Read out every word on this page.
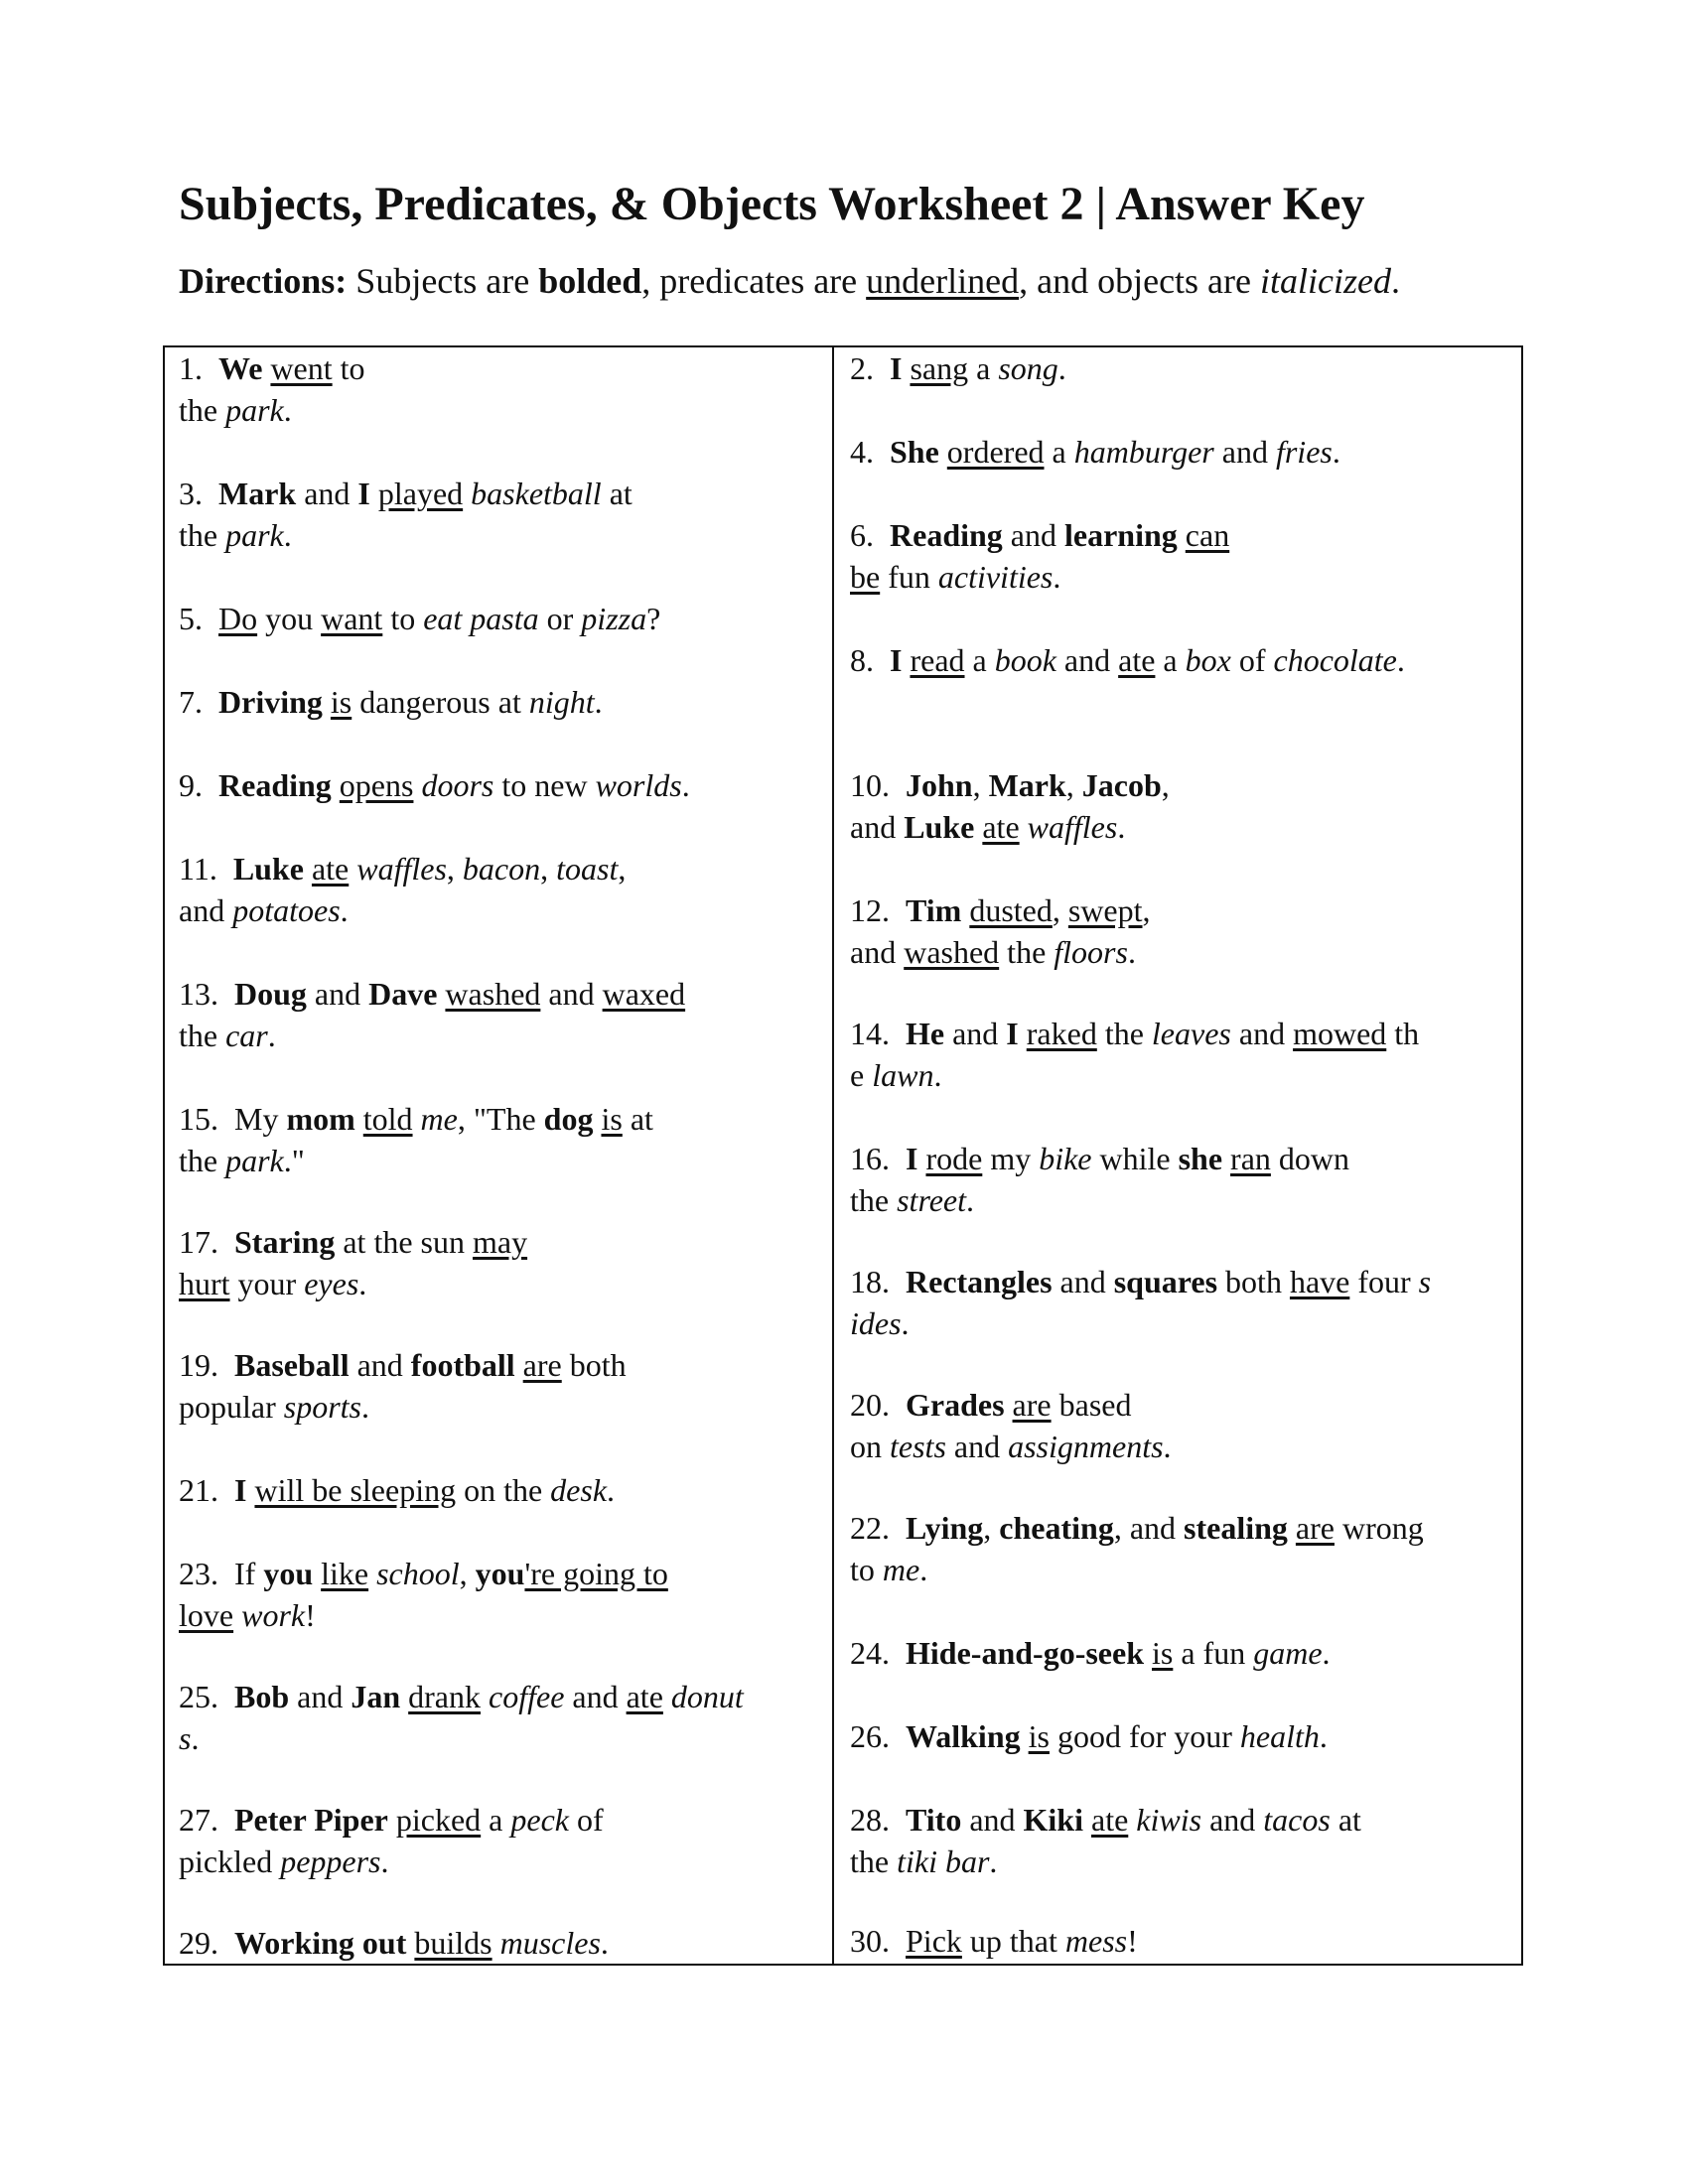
Subjects, Predicates, & Objects Worksheet 2 | Answer Key

Directions: Subjects are bolded, predicates are underlined, and objects are italicized.

1. We went to
the park.

3. Mark and I played basketball at
the park.

5. Do you want to eat pasta or pizza?

7. Driving is dangerous at night.

9. Reading opens doors to new worlds.

11. Luke ate waffles, bacon, toast,
and potatoes.

13. Doug and Dave washed and waxed
the car.

15. My mom told me, "The dog is at
the park."

17. Staring at the sun may
hurt your eyes.

19. Baseball and football are both
popular sports.

21. I will be sleeping on the desk.

23. If you like school, you're going to
love work!

25. Bob and Jan drank coffee and ate donut
s.

27. Peter Piper picked a peck of
pickled peppers.

29. Working out builds muscles.

2. I sang a song.

4. She ordered a hamburger and fries.

6. Reading and learning can
be fun activities.

8. I read a book and ate a box of chocolate.

10. John, Mark, Jacob,
and Luke ate waffles.

12. Tim dusted, swept,
and washed the floors.

14. He and I raked the leaves and mowed th
e lawn.

16. I rode my bike while she ran down
the street.

18. Rectangles and squares both have four s
ides.

20. Grades are based
on tests and assignments.

22. Lying, cheating, and stealing are wrong
to me.

24. Hide-and-go-seek is a fun game.

26. Walking is good for your health.

28. Tito and Kiki ate kiwis and tacos at
the tiki bar.

30. Pick up that mess!
